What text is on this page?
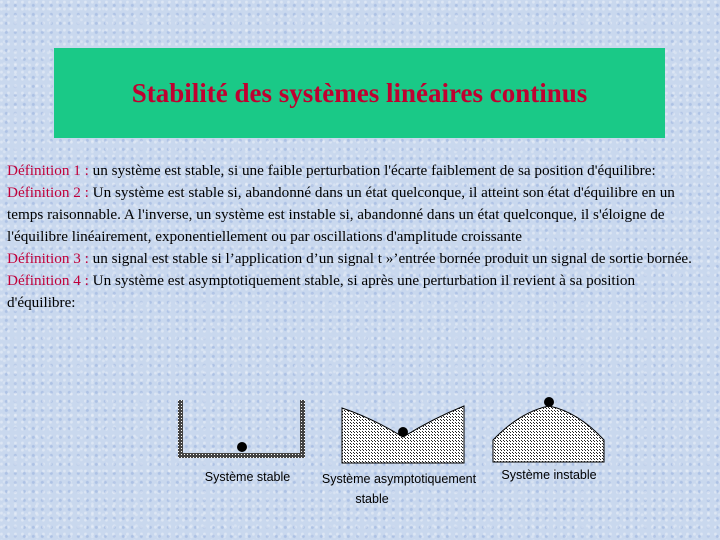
Stabilité des systèmes linéaires continus

Définition 1 : un système est stable, si une faible perturbation l'écarte faiblement de sa position d'équilibre:

Définition 2 : Un système est stable si, abandonné dans un état quelconque, il atteint son état d'équilibre en un temps raisonnable. A l'inverse, un système est instable si, abandonné dans un état quelconque, il s'éloigne de l'équilibre linéairement, exponentiellement ou par oscillations d'amplitude croissante

Définition 3 : un signal est stable si l’application d’un signal t »’entrée bornée produit un signal de sortie bornée.

Définition 4 : Un système est asymptotiquement stable, si après une perturbation il revient à sa position d'équilibre:

Système stable	Système asymptotiquement
stable
Système instable
